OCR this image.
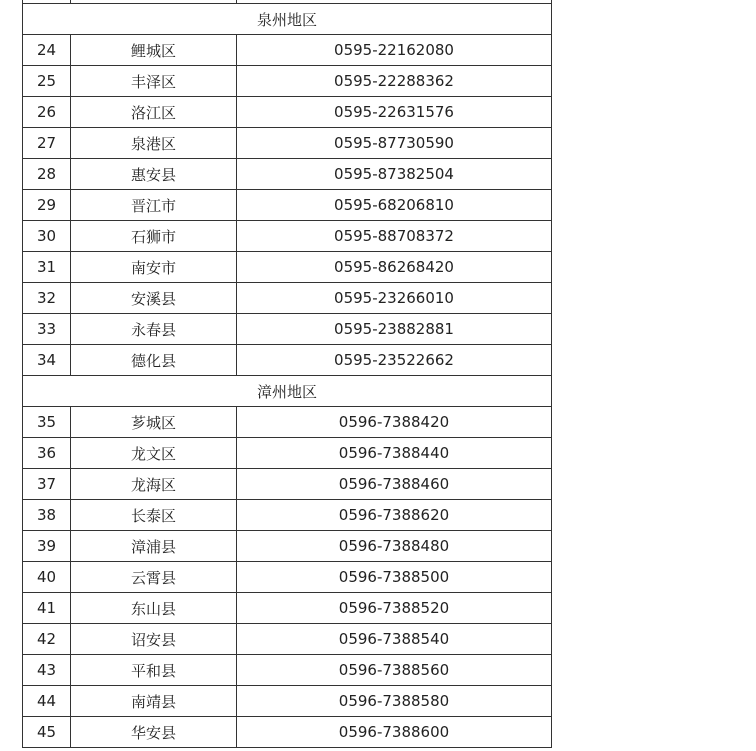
泉州地区		
24	鲤城区	0595-22162080
25	丰泽区	0595-22288362
26	洛江区	0595-22631576
27	泉港区	0595-87730590
28	惠安县	0595-87382504
29	晋江市	0595-68206810
30	石狮市	0595-88708372
31	南安市	0595-86268420
32	安溪县	0595-23266010
33	永春县	0595-23882881
34	德化县	0595-23522662
漳州地区		
35	芗城区	0596-7388420
36	龙文区	0596-7388440
37	龙海区	0596-7388460
38	长泰区	0596-7388620
39	漳浦县	0596-7388480
40	云霄县	0596-7388500
41	东山县	0596-7388520
42	诏安县	0596-7388540
43	平和县	0596-7388560
44	南靖县	0596-7388580
45	华安县	0596-7388600
